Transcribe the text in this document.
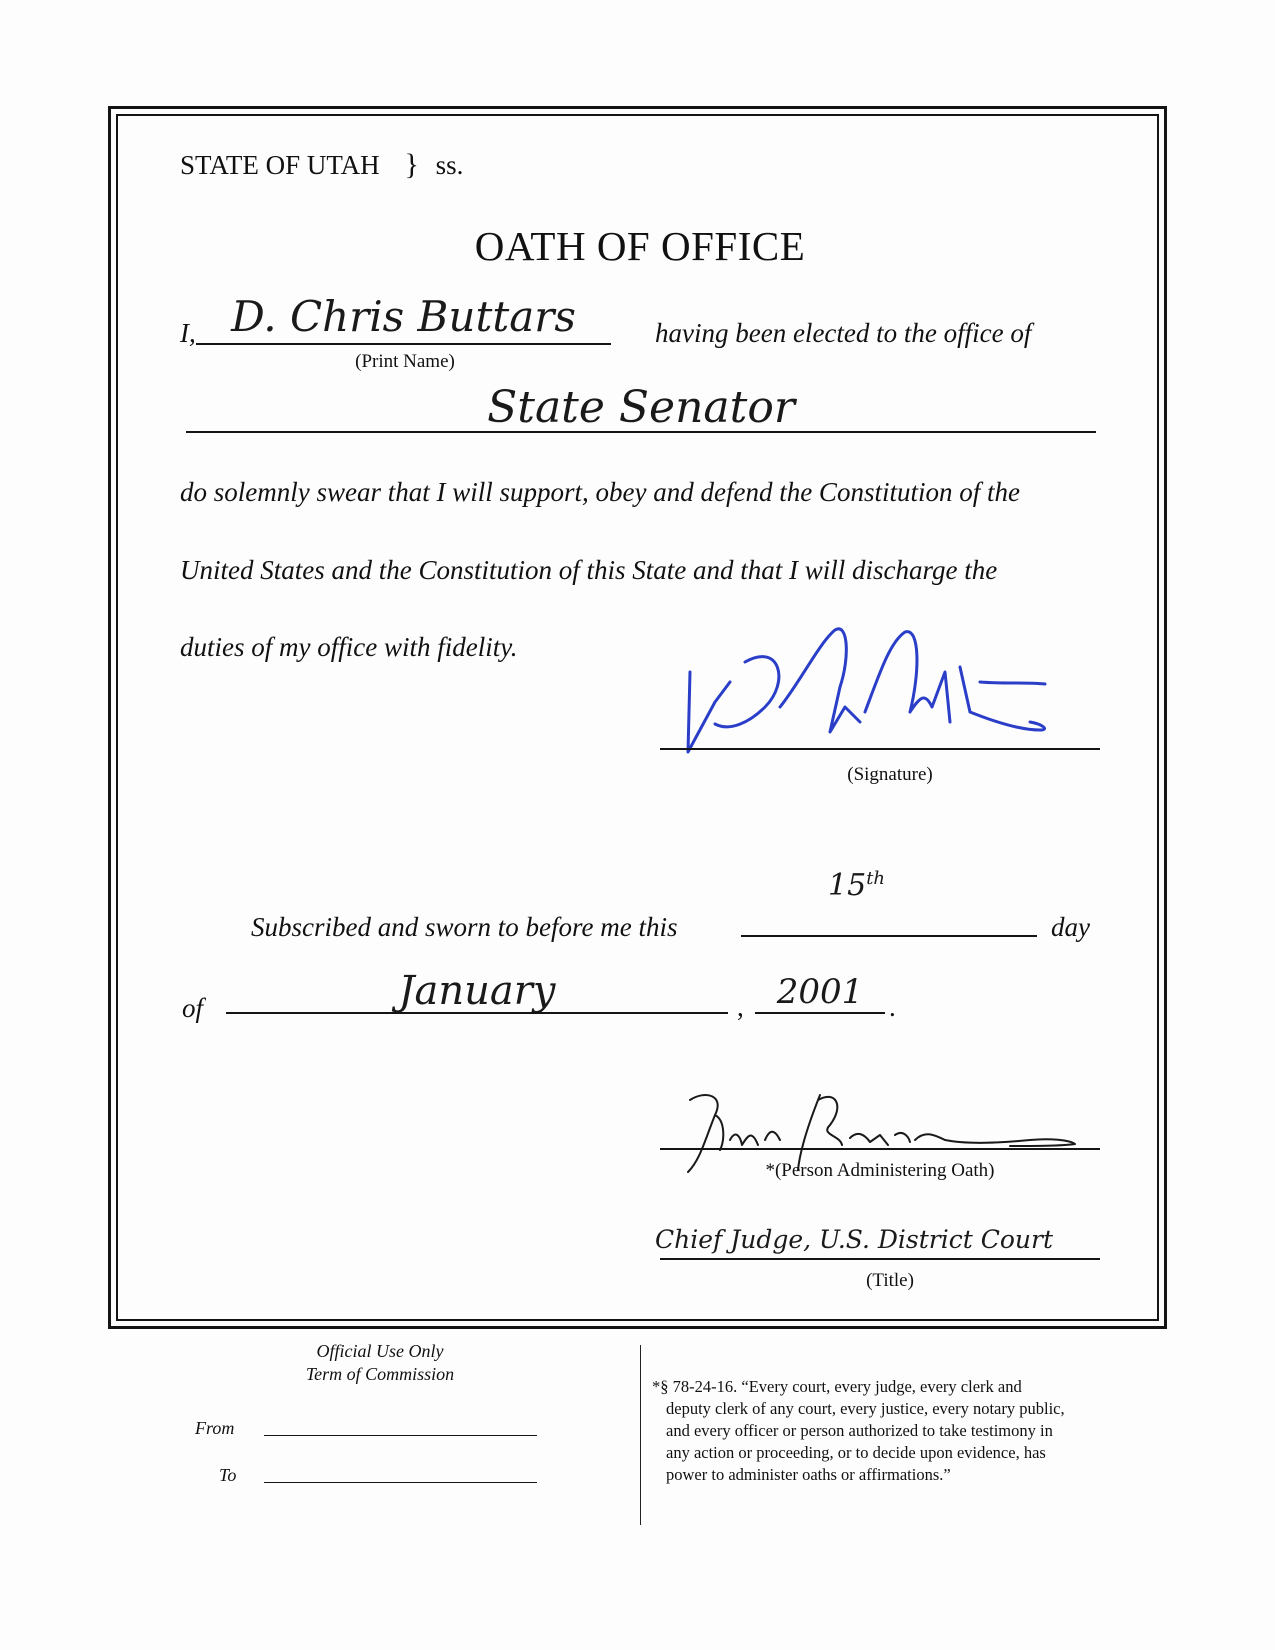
STATE OF UTAH } ss.
OATH OF OFFICE
I, D. Chris Buttars
(Print Name)
having been elected to the office of
State Senator
do solemnly swear that I will support, obey and defend the Constitution of the
United States and the Constitution of this State and that I will discharge the
duties of my office with fidelity.
(Signature)
15th
Subscribed and sworn to before me this	day
of	January	, 2001 .
*(Person Administering Oath)
Chief Judge, U.S. District Court
(Title)
Official Use Only
Term of Commission
From
To
*§ 78-24-16. “Every court, every judge, every clerk and
deputy clerk of any court, every justice, every notary public,
and every officer or person authorized to take testimony in
any action or proceeding, or to decide upon evidence, has
power to administer oaths or affirmations.”
